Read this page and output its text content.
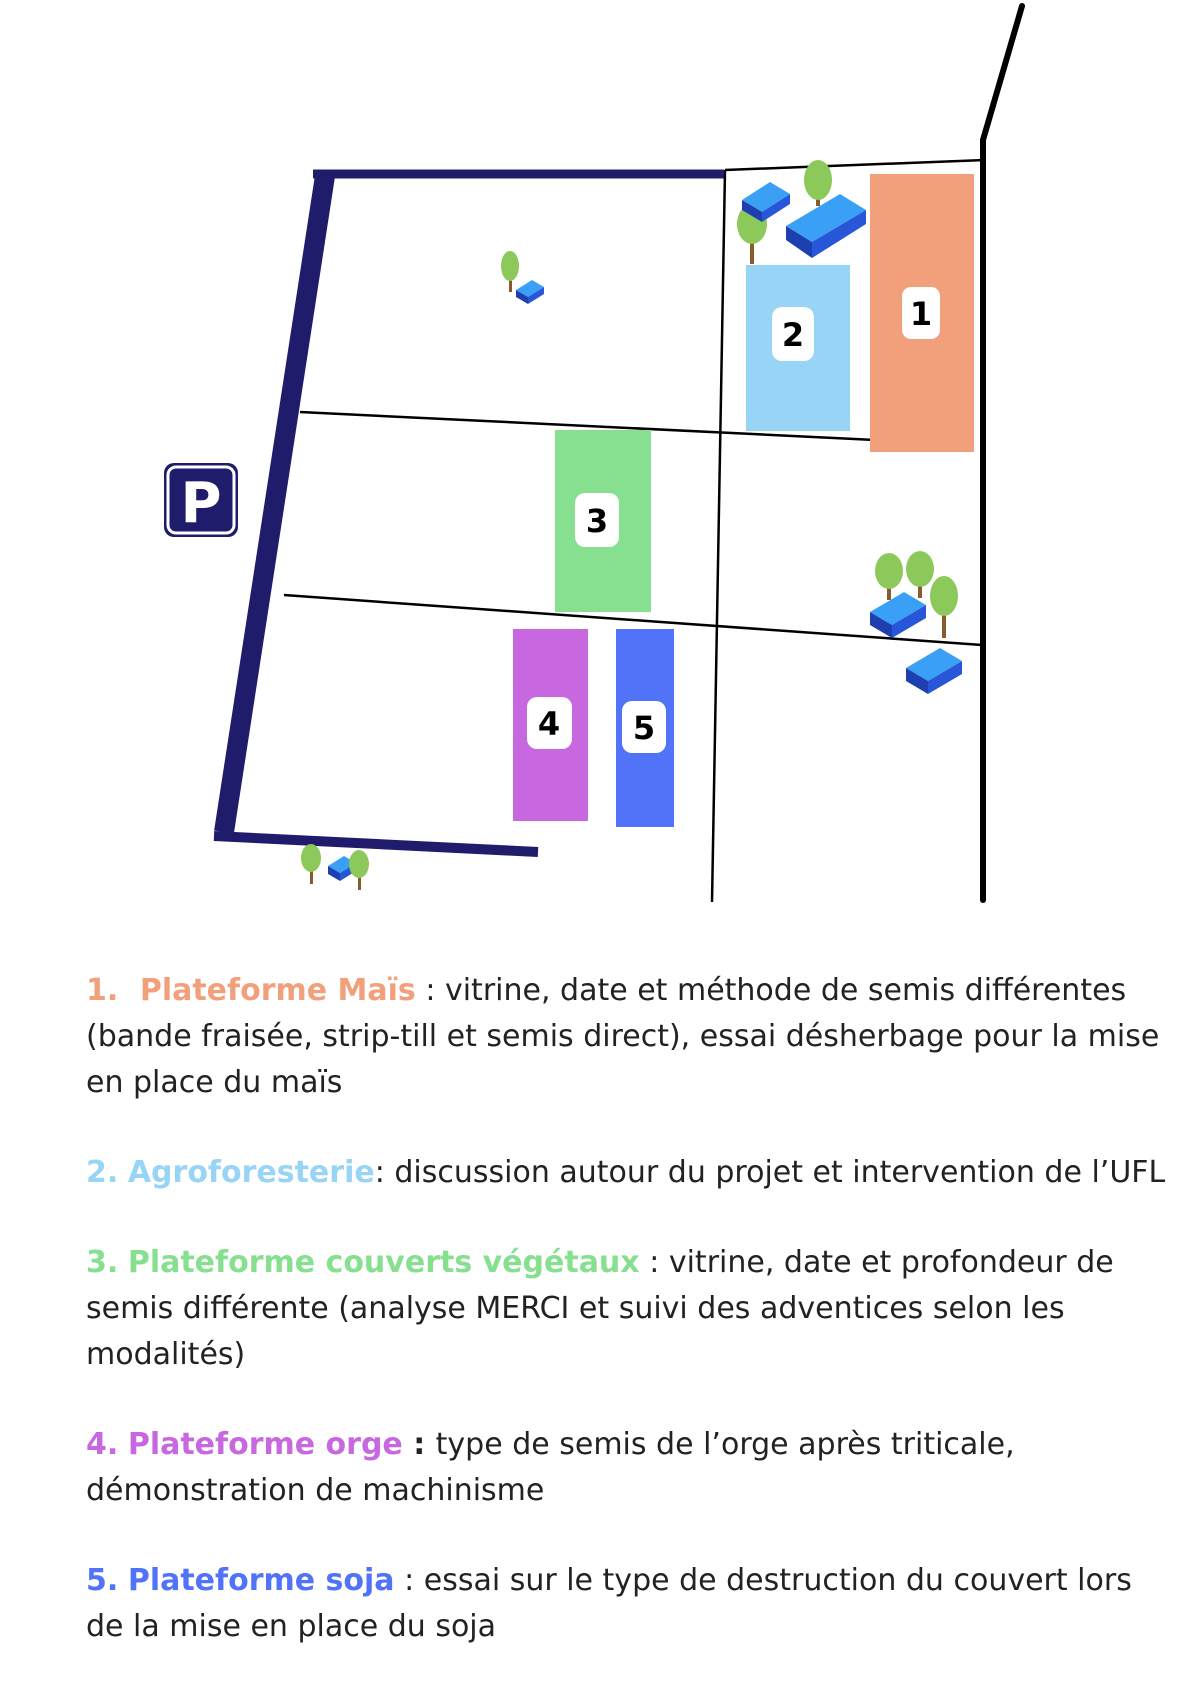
1
2
3
4 5
P

1. Plateforme Maïs : vitrine, date et méthode de semis différentes (bande fraisée, strip-till et semis direct), essai désherbage pour la mise en place du maïs

2. Agroforesterie: discussion autour du projet et intervention de l’UFL

3. Plateforme couverts végétaux : vitrine, date et profondeur de semis différente (analyse MERCI et suivi des adventices selon les modalités)

4. Plateforme orge : type de semis de l’orge après triticale, démonstration de machinisme

5. Plateforme soja : essai sur le type de destruction du couvert lors de la mise en place du soja
